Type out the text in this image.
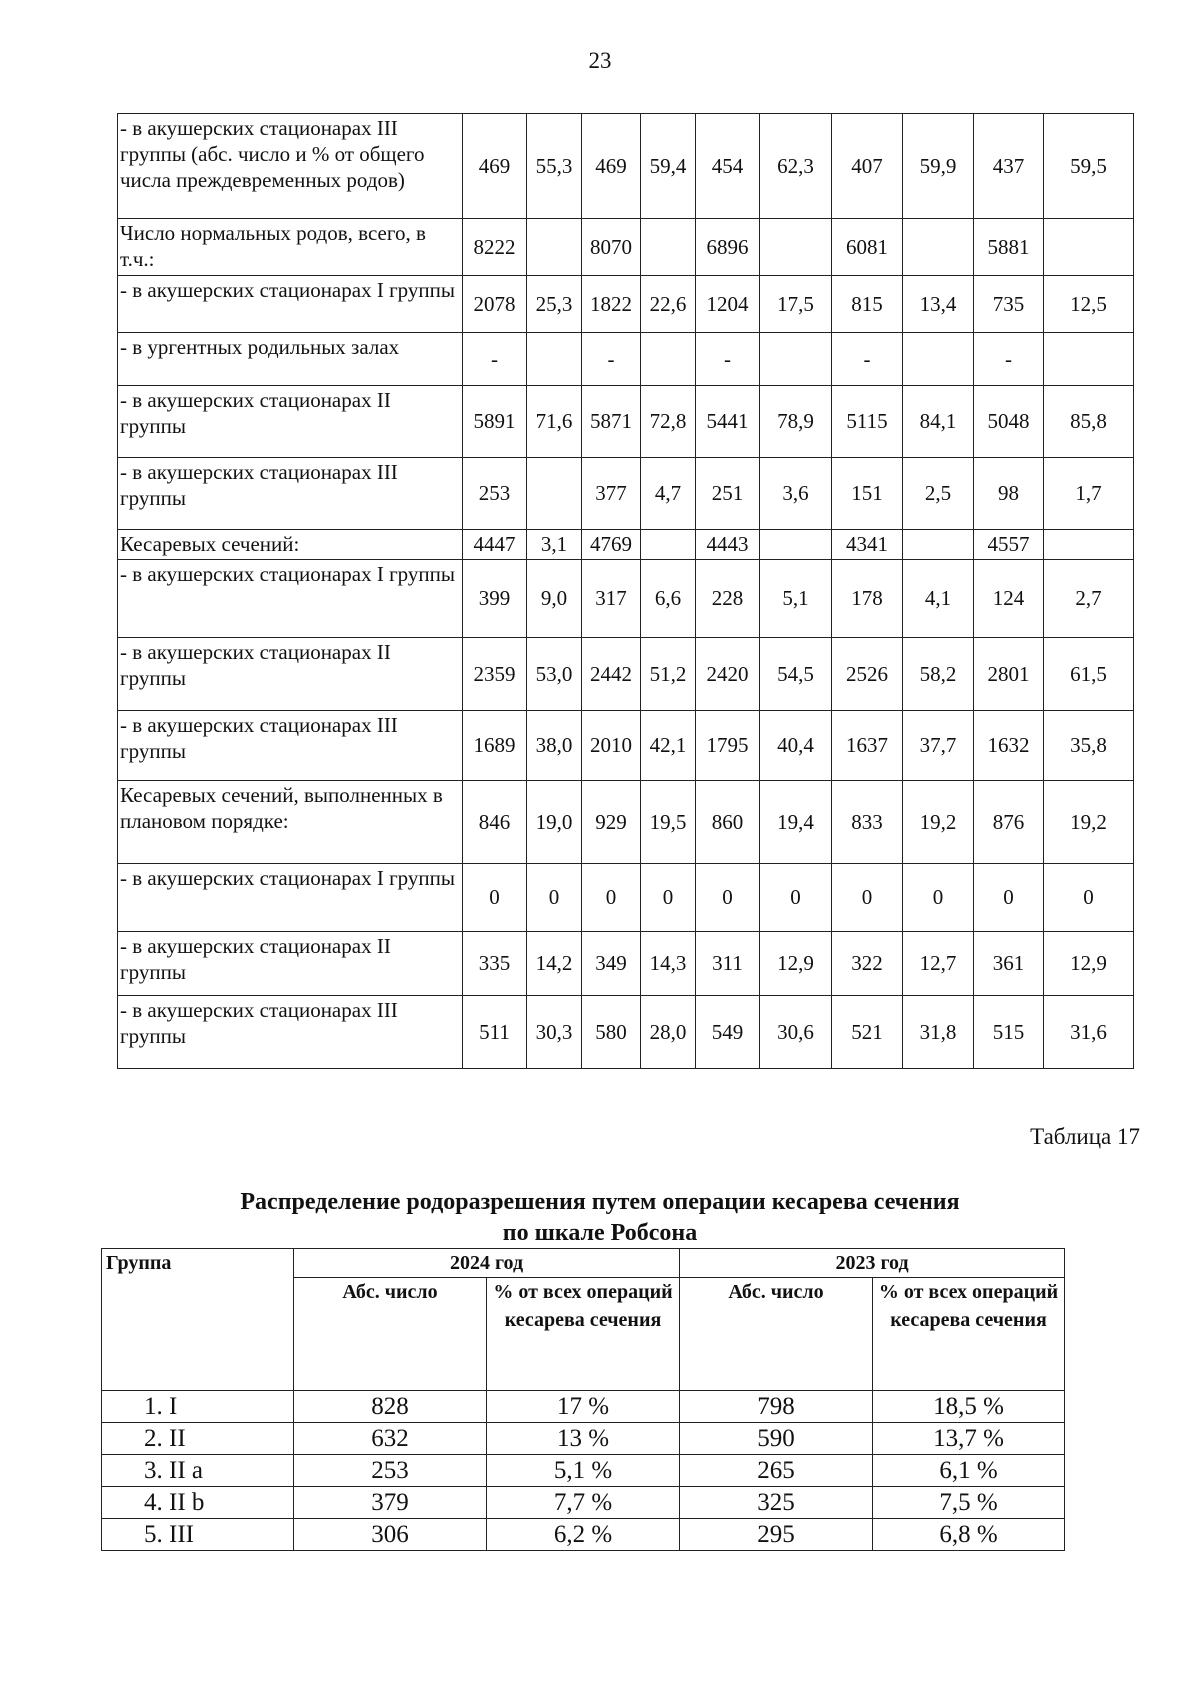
23
- в акушерских стационарах III группы (абс. число и % от общего числа преждевременных родов)	469	55,3	469	59,4	454	62,3	407	59,9	437	59,5
Число нормальных родов, всего, в т.ч.:	8222		8070		6896		6081		5881	
- в акушерских стационарах I группы	2078	25,3	1822	22,6	1204	17,5	815	13,4	735	12,5
- в ургентных родильных залах	-		-		-		-		-	
- в акушерских стационарах II группы	5891	71,6	5871	72,8	5441	78,9	5115	84,1	5048	85,8
- в акушерских стационарах III группы	253		377	4,7	251	3,6	151	2,5	98	1,7
Кесаревых сечений:	4447	3,1	4769		4443		4341		4557	
- в акушерских стационарах I группы	399	9,0	317	6,6	228	5,1	178	4,1	124	2,7
- в акушерских стационарах II группы	2359	53,0	2442	51,2	2420	54,5	2526	58,2	2801	61,5
- в акушерских стационарах III группы	1689	38,0	2010	42,1	1795	40,4	1637	37,7	1632	35,8
Кесаревых сечений, выполненных в плановом порядке:	846	19,0	929	19,5	860	19,4	833	19,2	876	19,2
- в акушерских стационарах I группы	0	0	0	0	0	0	0	0	0	0
- в акушерских стационарах II группы	335	14,2	349	14,3	311	12,9	322	12,7	361	12,9
- в акушерских стационарах III группы	511	30,3	580	28,0	549	30,6	521	31,8	515	31,6
Таблица 17
Распределение родоразрешения путем операции кесарева сечения
по шкале Робсона
Группа	2024 год		2023 год	
	Абс. число	% от всех операций кесарева сечения	Абс. число	% от всех операций кесарева сечения
1. I	828	17 %	798	18,5 %
2. II	632	13 %	590	13,7 %
3. II a	253	5,1 %	265	6,1 %
4. II b	379	7,7 %	325	7,5 %
5. III	306	6,2 %	295	6,8 %
